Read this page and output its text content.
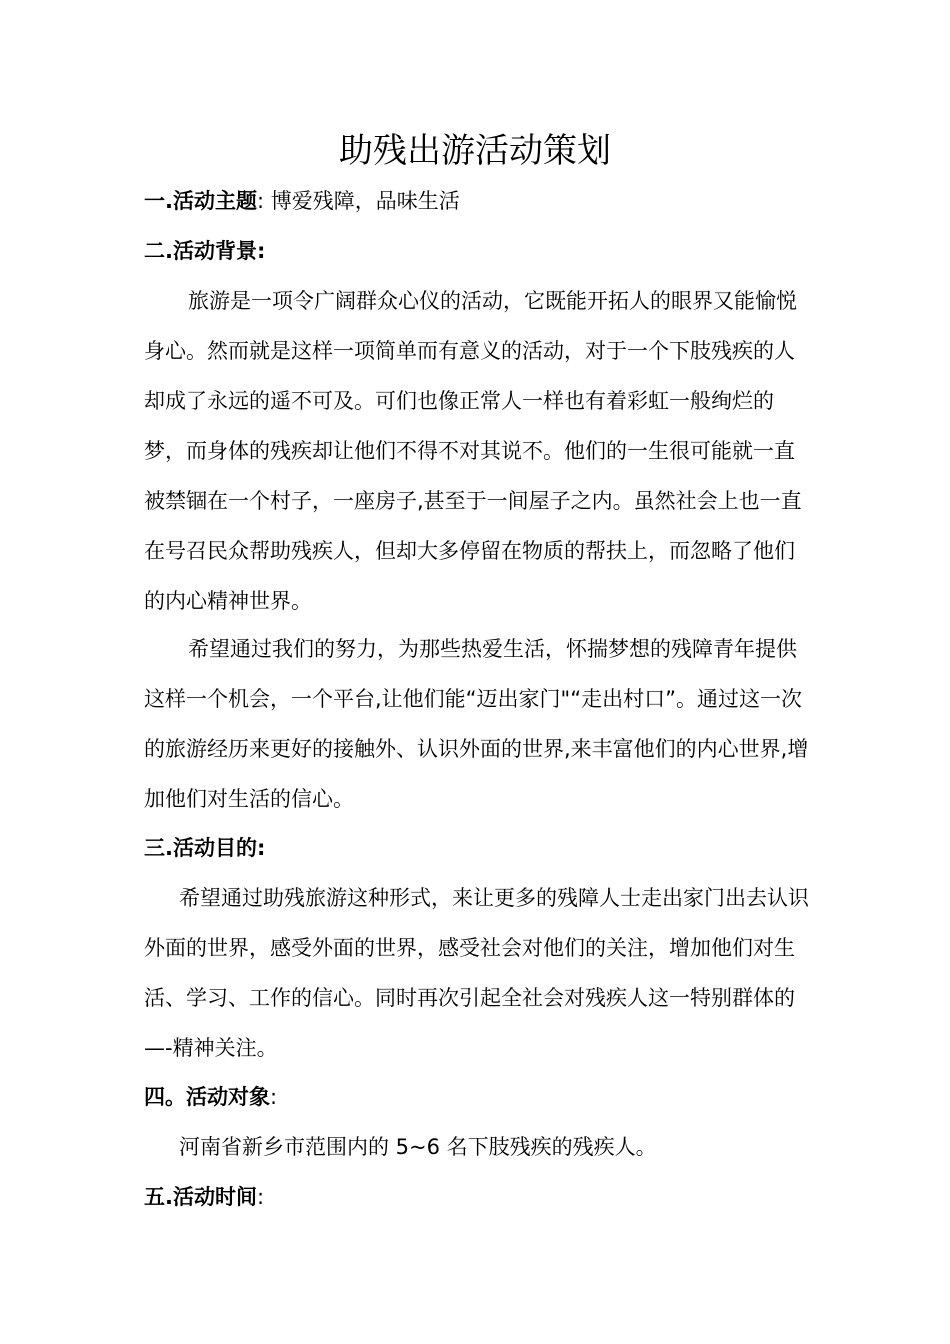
助残出游活动策划
一.活动主题: 博爱残障，品味生活
二.活动背景:

旅游是一项令广阔群众心仪的活动，它既能开拓人的眼界又能愉悦身心。然而就是这样一项简单而有意义的活动，对于一个下肢残疾的人却成了永远的遥不可及。可们也像正常人一样也有着彩虹一般绚烂的梦，而身体的残疾却让他们不得不对其说不。他们的一生很可能就一直被禁锢在一个村子，一座房子,甚至于一间屋子之内。虽然社会上也一直在号召民众帮助残疾人，但却大多停留在物质的帮扶上，而忽略了他们的内心精神世界。

希望通过我们的努力，为那些热爱生活，怀揣梦想的残障青年提供这样一个机会，一个平台,让他们能“迈出家门"“走出村口”。通过这一次的旅游经历来更好的接触外、认识外面的世界,来丰富他们的内心世界,增加他们对生活的信心。

三.活动目的:

希望通过助残旅游这种形式，来让更多的残障人士走出家门出去认识外面的世界，感受外面的世界，感受社会对他们的关注，增加他们对生活、学习、工作的信心。同时再次引起全社会对残疾人这一特别群体的—-精神关注。

四。活动对象:

河南省新乡市范围内的 5~6 名下肢残疾的残疾人。

五.活动时间:
